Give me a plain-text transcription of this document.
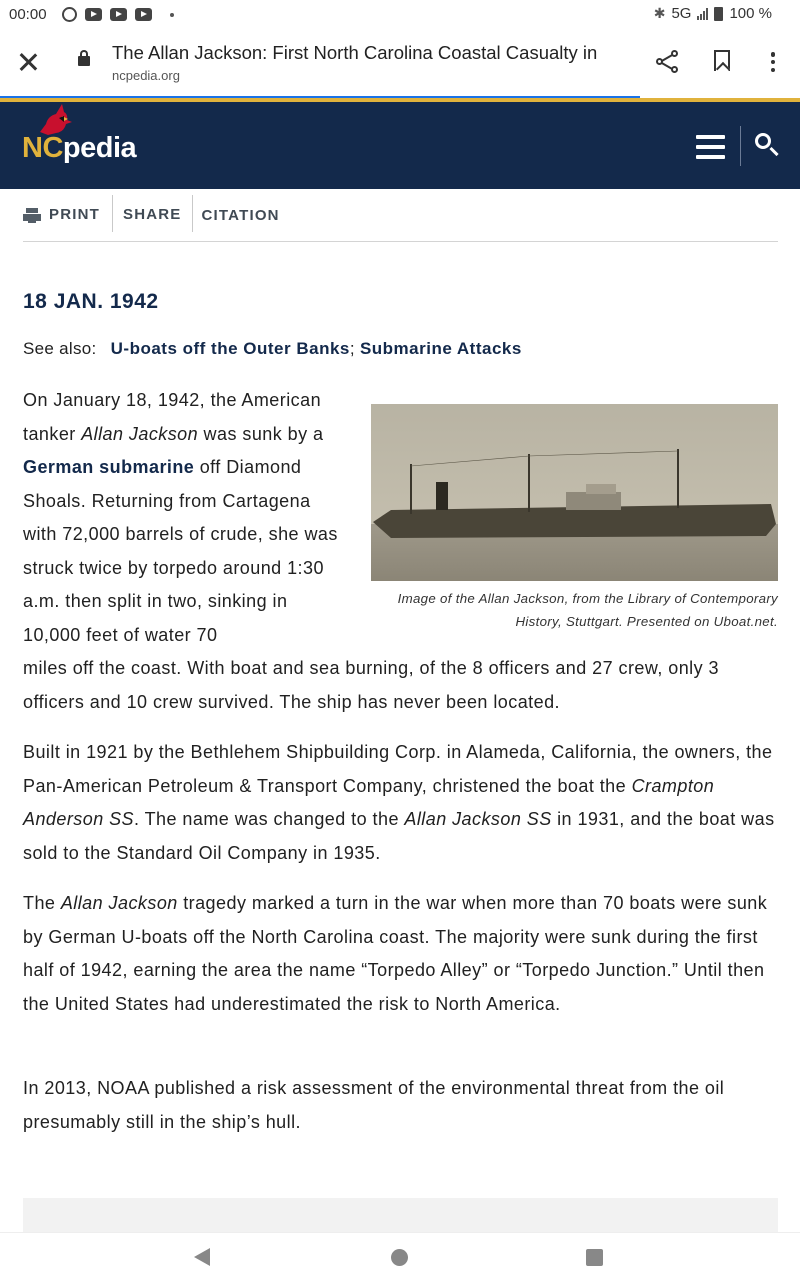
00:00	✱ 5G	100 %
The Allan Jackson: First North Carolina Coastal Casualty in
ncpedia.org
NCpedia
PRINT SHARE CITATION
18 JAN. 1942
See also: U-boats off the Outer Banks; Submarine Attacks
On January 18, 1942, the American tanker Allan Jackson was sunk by a German submarine off Diamond Shoals. Returning from Cartagena with 72,000 barrels of crude, she was struck twice by torpedo around 1:30 a.m. then split in two, sinking in 10,000 feet of water 70
Image of the Allan Jackson, from the Library of Contemporary History, Stuttgart. Presented on Uboat.net.
miles off the coast. With boat and sea burning, of the 8 officers and 27 crew, only 3 officers and 10 crew survived. The ship has never been located.
Built in 1921 by the Bethlehem Shipbuilding Corp. in Alameda, California, the owners, the Pan-American Petroleum & Transport Company, christened the boat the Crampton Anderson SS. The name was changed to the Allan Jackson SS in 1931, and the boat was sold to the Standard Oil Company in 1935.
The Allan Jackson tragedy marked a turn in the war when more than 70 boats were sunk by German U-boats off the North Carolina coast. The majority were sunk during the first half of 1942, earning the area the name “Torpedo Alley” or “Torpedo Junction.” Until then the United States had underestimated the risk to North America.
In 2013, NOAA published a risk assessment of the environmental threat from the oil presumably still in the ship’s hull.
